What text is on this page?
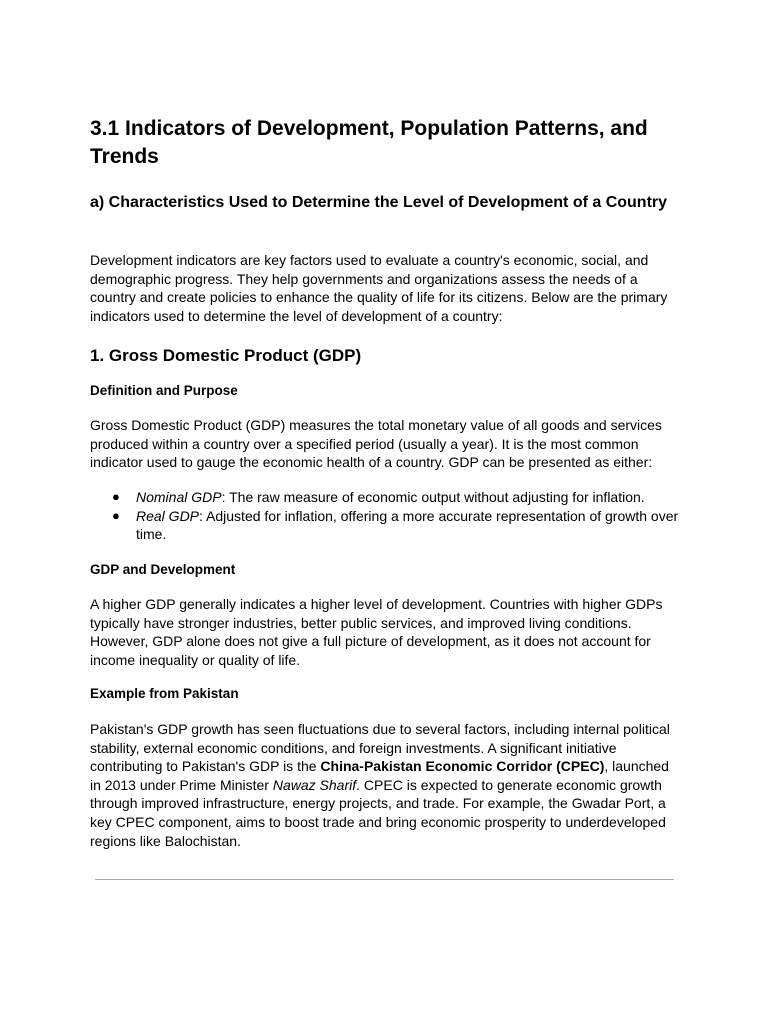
3.1 Indicators of Development, Population Patterns, and Trends
a) Characteristics Used to Determine the Level of Development of a Country

Development indicators are key factors used to evaluate a country's economic, social, and demographic progress. They help governments and organizations assess the needs of a country and create policies to enhance the quality of life for its citizens. Below are the primary indicators used to determine the level of development of a country:

1. Gross Domestic Product (GDP)
Definition and Purpose

Gross Domestic Product (GDP) measures the total monetary value of all goods and services produced within a country over a specified period (usually a year). It is the most common indicator used to gauge the economic health of a country. GDP can be presented as either:

● Nominal GDP: The raw measure of economic output without adjusting for inflation.
● Real GDP: Adjusted for inflation, offering a more accurate representation of growth over time.
GDP and Development

A higher GDP generally indicates a higher level of development. Countries with higher GDPs typically have stronger industries, better public services, and improved living conditions. However, GDP alone does not give a full picture of development, as it does not account for income inequality or quality of life.

Example from Pakistan

Pakistan's GDP growth has seen fluctuations due to several factors, including internal political stability, external economic conditions, and foreign investments. A significant initiative contributing to Pakistan's GDP is the China-Pakistan Economic Corridor (CPEC), launched in 2013 under Prime Minister Nawaz Sharif. CPEC is expected to generate economic growth through improved infrastructure, energy projects, and trade. For example, the Gwadar Port, a key CPEC component, aims to boost trade and bring economic prosperity to underdeveloped regions like Balochistan.
